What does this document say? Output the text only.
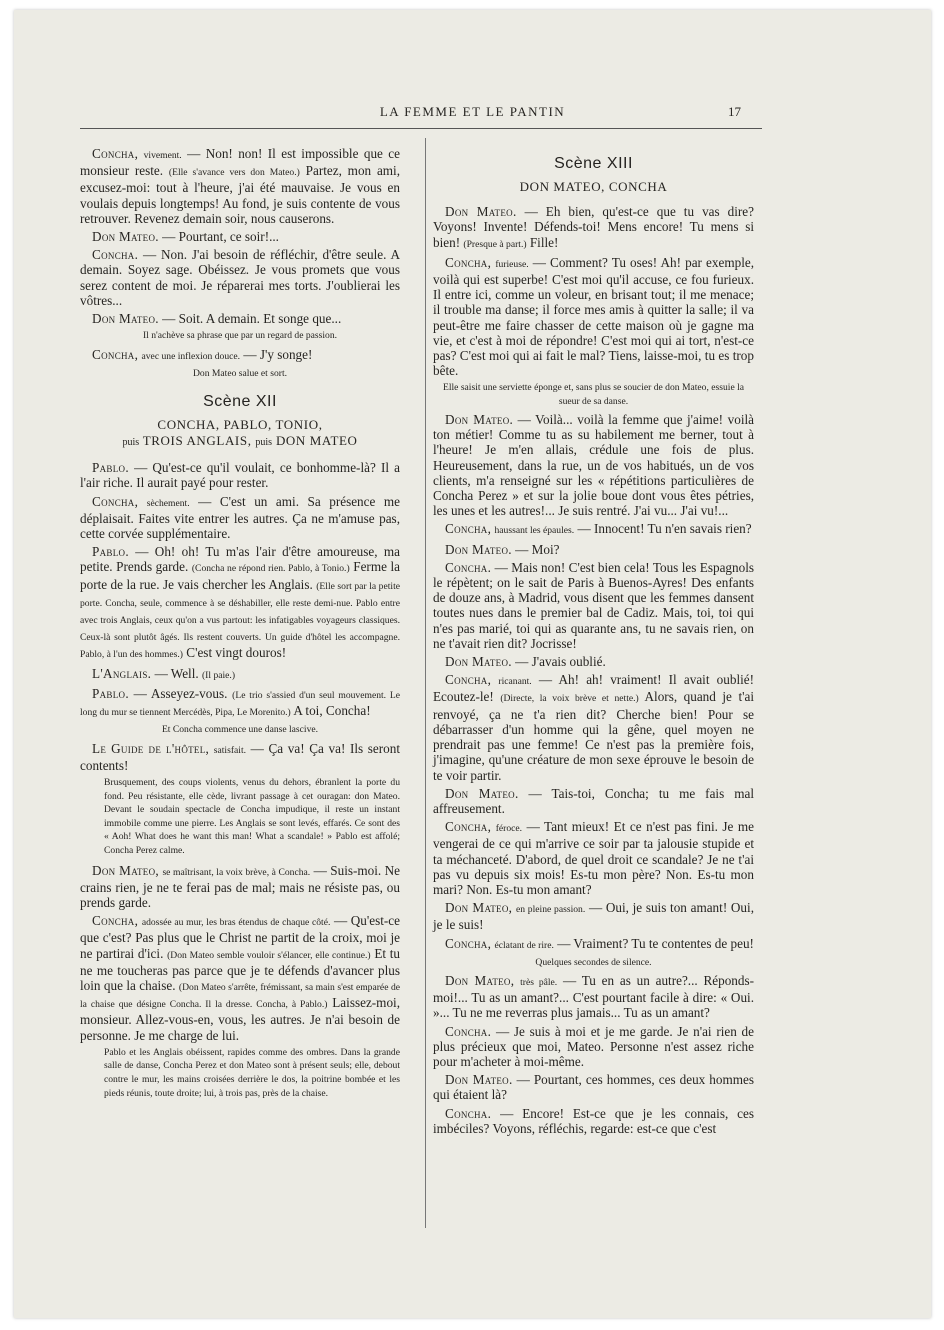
LA FEMME ET LE PANTIN	17

Concha, vivement. — Non! non! Il est impossible que ce monsieur reste. (Elle s'avance vers don Mateo.) Partez, mon ami, excusez-moi: tout à l'heure, j'ai été mauvaise. Je vous en voulais depuis longtemps! Au fond, je suis contente de vous retrouver. Revenez demain soir, nous causerons.

Don Mateo. — Pourtant, ce soir!...

Concha. — Non. J'ai besoin de réfléchir, d'être seule. A demain. Soyez sage. Obéissez. Je vous promets que vous serez content de moi. Je réparerai mes torts. J'oublierai les vôtres...

Don Mateo. — Soit. A demain. Et songe que...

Il n'achève sa phrase que par un regard de passion.

Concha, avec une inflexion douce. — J'y songe!

Don Mateo salue et sort.

Scène XII

CONCHA, PABLO, TONIO,
puis TROIS ANGLAIS, puis DON MATEO

Pablo. — Qu'est-ce qu'il voulait, ce bonhomme-là? Il a l'air riche. Il aurait payé pour rester.

Concha, sèchement. — C'est un ami. Sa présence me déplaisait. Faites vite entrer les autres. Ça ne m'amuse pas, cette corvée supplémentaire.

Pablo. — Oh! oh! Tu m'as l'air d'être amoureuse, ma petite. Prends garde. (Concha ne répond rien. Pablo, à Tonio.) Ferme la porte de la rue. Je vais chercher les Anglais. (Elle sort par la petite porte. Concha, seule, commence à se déshabiller, elle reste demi-nue. Pablo entre avec trois Anglais, ceux qu'on a vus partout: les infatigables voyageurs classiques. Ceux-là sont plutôt âgés. Ils restent couverts. Un guide d'hôtel les accompagne. Pablo, à l'un des hommes.) C'est vingt douros!

L'Anglais. — Well. (Il paie.)

Pablo. — Asseyez-vous. (Le trio s'assied d'un seul mouvement. Le long du mur se tiennent Mercédès, Pipa, Le Morenito.) A toi, Concha!

Et Concha commence une danse lascive.

Le Guide de l'hôtel, satisfait. — Ça va! Ça va! Ils seront contents!

Brusquement, des coups violents, venus du dehors, ébranlent la porte du fond. Peu résistante, elle cède, livrant passage à cet ouragan: don Mateo. Devant le soudain spectacle de Concha impudique, il reste un instant immobile comme une pierre. Les Anglais se sont levés, effarés. Ce sont des « Aoh! What does he want this man! What a scandale! » Pablo est affolé; Concha Perez calme.

Don Mateo, se maîtrisant, la voix brève, à Concha. — Suis-moi. Ne crains rien, je ne te ferai pas de mal; mais ne résiste pas, ou prends garde.

Concha, adossée au mur, les bras étendus de chaque côté. — Qu'est-ce que c'est? Pas plus que le Christ ne partit de la croix, moi je ne partirai d'ici. (Don Mateo semble vouloir s'élancer, elle continue.) Et tu ne me toucheras pas parce que je te défends d'avancer plus loin que la chaise. (Don Mateo s'arrête, frémissant, sa main s'est emparée de la chaise que désigne Concha. Il la dresse. Concha, à Pablo.) Laissez-moi, monsieur. Allez-vous-en, vous, les autres. Je n'ai besoin de personne. Je me charge de lui.

Pablo et les Anglais obéissent, rapides comme des ombres. Dans la grande salle de danse, Concha Perez et don Mateo sont à présent seuls; elle, debout contre le mur, les mains croisées derrière le dos, la poitrine bombée et les pieds réunis, toute droite; lui, à trois pas, près de la chaise.

Scène XIII

DON MATEO, CONCHA

Don Mateo. — Eh bien, qu'est-ce que tu vas dire? Voyons! Invente! Défends-toi! Mens encore! Tu mens si bien! (Presque à part.) Fille!

Concha, furieuse. — Comment? Tu oses! Ah! par exemple, voilà qui est superbe! C'est moi qu'il accuse, ce fou furieux. Il entre ici, comme un voleur, en brisant tout; il me menace; il trouble ma danse; il force mes amis à quitter la salle; il va peut-être me faire chasser de cette maison où je gagne ma vie, et c'est à moi de répondre! C'est moi qui ai tort, n'est-ce pas? C'est moi qui ai fait le mal? Tiens, laisse-moi, tu es trop bête.

Elle saisit une serviette éponge et, sans plus se soucier de don Mateo, essuie la sueur de sa danse.

Don Mateo. — Voilà... voilà la femme que j'aime! voilà ton métier! Comme tu as su habilement me berner, tout à l'heure! Je m'en allais, crédule une fois de plus. Heureusement, dans la rue, un de vos habitués, un de vos clients, m'a renseigné sur les « répétitions particulières de Concha Perez » et sur la jolie boue dont vous êtes pétries, les unes et les autres!... Je suis rentré. J'ai vu... J'ai vu!...

Concha, haussant les épaules. — Innocent! Tu n'en savais rien?

Don Mateo. — Moi?

Concha. — Mais non! C'est bien cela! Tous les Espagnols le répètent; on le sait de Paris à Buenos-Ayres! Des enfants de douze ans, à Madrid, vous disent que les femmes dansent toutes nues dans le premier bal de Cadiz. Mais, toi, toi qui n'es pas marié, toi qui as quarante ans, tu ne savais rien, on ne t'avait rien dit? Jocrisse!

Don Mateo. — J'avais oublié.

Concha, ricanant. — Ah! ah! vraiment! Il avait oublié! Ecoutez-le! (Directe, la voix brève et nette.) Alors, quand je t'ai renvoyé, ça ne t'a rien dit? Cherche bien! Pour se débarrasser d'un homme qui la gêne, quel moyen ne prendrait pas une femme! Ce n'est pas la première fois, j'imagine, qu'une créature de mon sexe éprouve le besoin de te voir partir.

Don Mateo. — Tais-toi, Concha; tu me fais mal affreusement.

Concha, féroce. — Tant mieux! Et ce n'est pas fini. Je me vengerai de ce qui m'arrive ce soir par ta jalousie stupide et ta méchanceté. D'abord, de quel droit ce scandale? Je ne t'ai pas vu depuis six mois! Es-tu mon père? Non. Es-tu mon mari? Non. Es-tu mon amant?

Don Mateo, en pleine passion. — Oui, je suis ton amant! Oui, je le suis!

Concha, éclatant de rire. — Vraiment? Tu te contentes de peu!

Quelques secondes de silence.

Don Mateo, très pâle. — Tu en as un autre?... Réponds-moi!... Tu as un amant?... C'est pourtant facile à dire: « Oui. »... Tu ne me reverras plus jamais... Tu as un amant?

Concha. — Je suis à moi et je me garde. Je n'ai rien de plus précieux que moi, Mateo. Personne n'est assez riche pour m'acheter à moi-même.

Don Mateo. — Pourtant, ces hommes, ces deux hommes qui étaient là?

Concha. — Encore! Est-ce que je les connais, ces imbéciles? Voyons, réfléchis, regarde: est-ce que c'est
